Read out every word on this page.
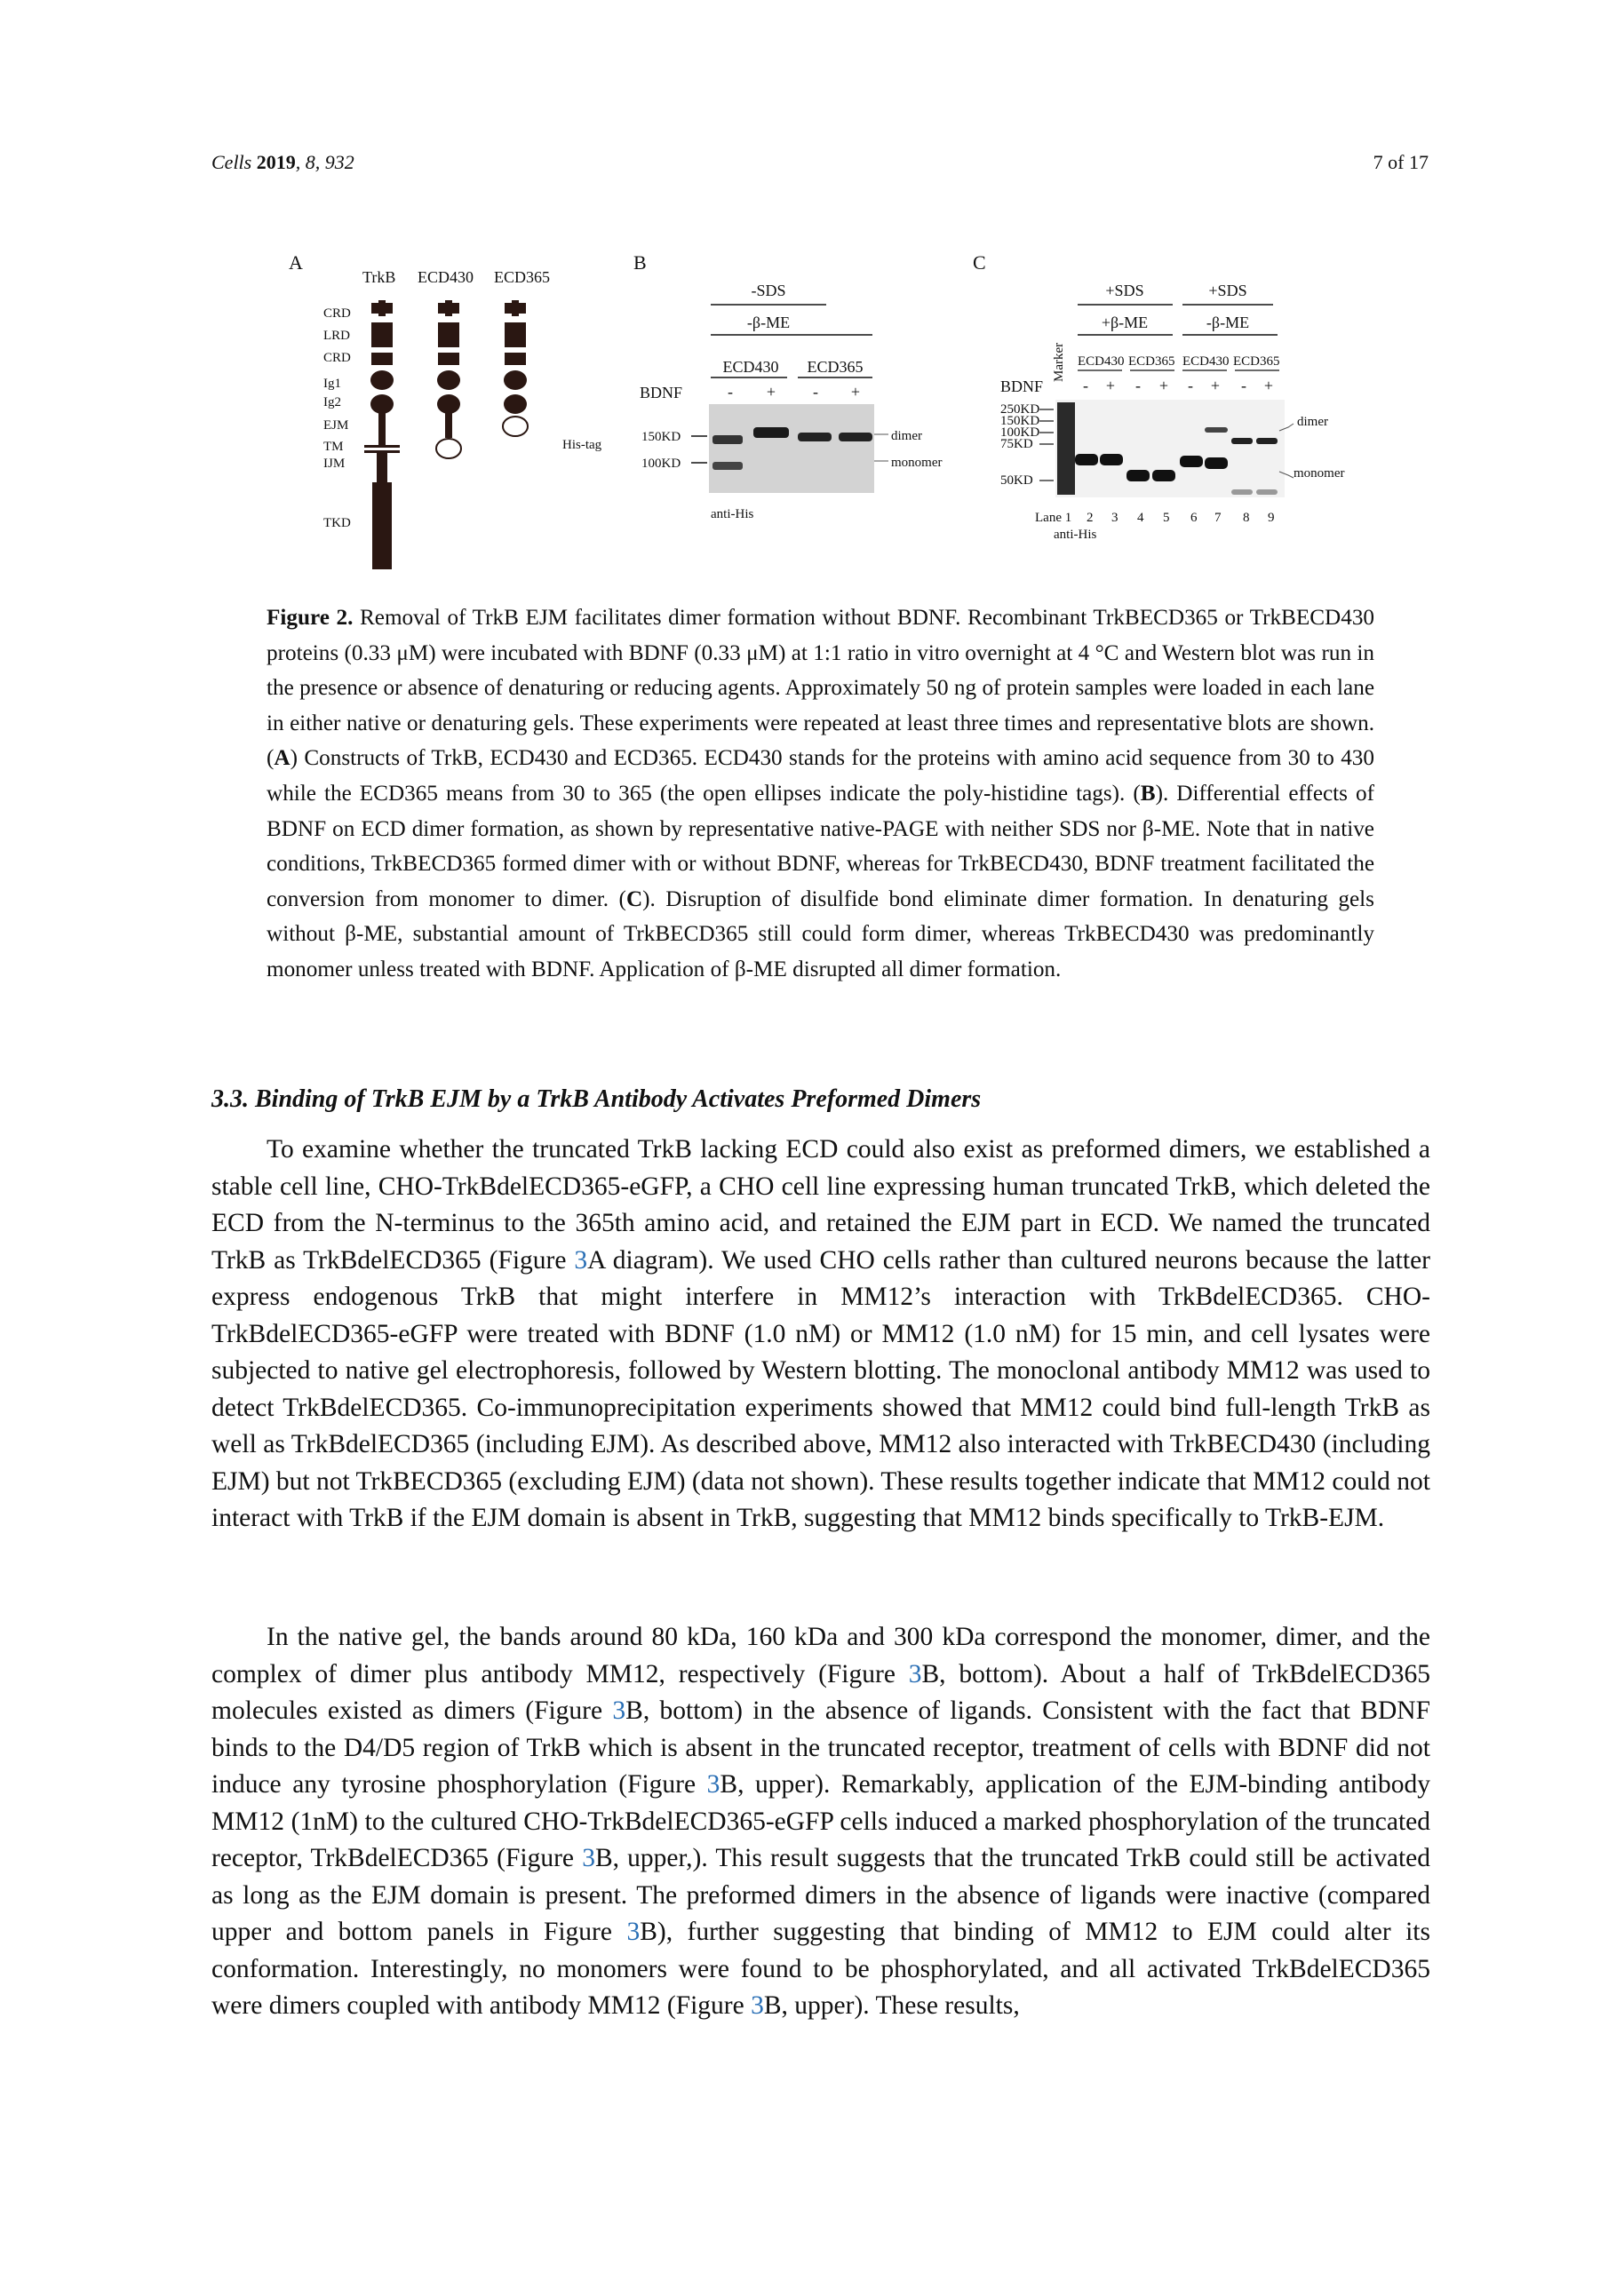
Cells 2019, 8, 932	7 of 17
A
TrkB ECD430 ECD365
CRD
LRD
CRD
Ig1
Ig2
EJM
TM
IJM
TKD
His-tag
B
-SDS
-β-ME
ECD430 ECD365
BDNF	- + - +
150KD
100KD
dimer
monomer
anti-His
C
+SDS
+β-ME
+SDS
-β-ME
Marker ECD430 ECD365 ECD430 ECD365
BDNF - + - + - + - +
250KD
150KD
100KD
75KD
50KD
dimer
monomer
Lane 1 2 3 4 5 6 7 8 9
anti-His

Figure 2. Removal of TrkB EJM facilitates dimer formation without BDNF. Recombinant TrkBECD365 or TrkBECD430 proteins (0.33 μM) were incubated with BDNF (0.33 μM) at 1:1 ratio in vitro overnight at 4 °C and Western blot was run in the presence or absence of denaturing or reducing agents. Approximately 50 ng of protein samples were loaded in each lane in either native or denaturing gels. These experiments were repeated at least three times and representative blots are shown. (A) Constructs of TrkB, ECD430 and ECD365. ECD430 stands for the proteins with amino acid sequence from 30 to 430 while the ECD365 means from 30 to 365 (the open ellipses indicate the poly-histidine tags). (B). Differential effects of BDNF on ECD dimer formation, as shown by representative native-PAGE with neither SDS nor β-ME. Note that in native conditions, TrkBECD365 formed dimer with or without BDNF, whereas for TrkBECD430, BDNF treatment facilitated the conversion from monomer to dimer. (C). Disruption of disulfide bond eliminate dimer formation. In denaturing gels without β-ME, substantial amount of TrkBECD365 still could form dimer, whereas TrkBECD430 was predominantly monomer unless treated with BDNF. Application of β-ME disrupted all dimer formation.

3.3. Binding of TrkB EJM by a TrkB Antibody Activates Preformed Dimers

To examine whether the truncated TrkB lacking ECD could also exist as preformed dimers, we established a stable cell line, CHO-TrkBdelECD365-eGFP, a CHO cell line expressing human truncated TrkB, which deleted the ECD from the N-terminus to the 365th amino acid, and retained the EJM part in ECD. We named the truncated TrkB as TrkBdelECD365 (Figure 3A diagram). We used CHO cells rather than cultured neurons because the latter express endogenous TrkB that might interfere in MM12’s interaction with TrkBdelECD365. CHO-TrkBdelECD365-eGFP were treated with BDNF (1.0 nM) or MM12 (1.0 nM) for 15 min, and cell lysates were subjected to native gel electrophoresis, followed by Western blotting. The monoclonal antibody MM12 was used to detect TrkBdelECD365. Co-immunoprecipitation experiments showed that MM12 could bind full-length TrkB as well as TrkBdelECD365 (including EJM). As described above, MM12 also interacted with TrkBECD430 (including EJM) but not TrkBECD365 (excluding EJM) (data not shown). These results together indicate that MM12 could not interact with TrkB if the EJM domain is absent in TrkB, suggesting that MM12 binds specifically to TrkB-EJM.

In the native gel, the bands around 80 kDa, 160 kDa and 300 kDa correspond the monomer, dimer, and the complex of dimer plus antibody MM12, respectively (Figure 3B, bottom). About a half of TrkBdelECD365 molecules existed as dimers (Figure 3B, bottom) in the absence of ligands. Consistent with the fact that BDNF binds to the D4/D5 region of TrkB which is absent in the truncated receptor, treatment of cells with BDNF did not induce any tyrosine phosphorylation (Figure 3B, upper). Remarkably, application of the EJM-binding antibody MM12 (1nM) to the cultured CHO-TrkBdelECD365-eGFP cells induced a marked phosphorylation of the truncated receptor, TrkBdelECD365 (Figure 3B, upper,). This result suggests that the truncated TrkB could still be activated as long as the EJM domain is present. The preformed dimers in the absence of ligands were inactive (compared upper and bottom panels in Figure 3B), further suggesting that binding of MM12 to EJM could alter its conformation. Interestingly, no monomers were found to be phosphorylated, and all activated TrkBdelECD365 were dimers coupled with antibody MM12 (Figure 3B, upper). These results,
